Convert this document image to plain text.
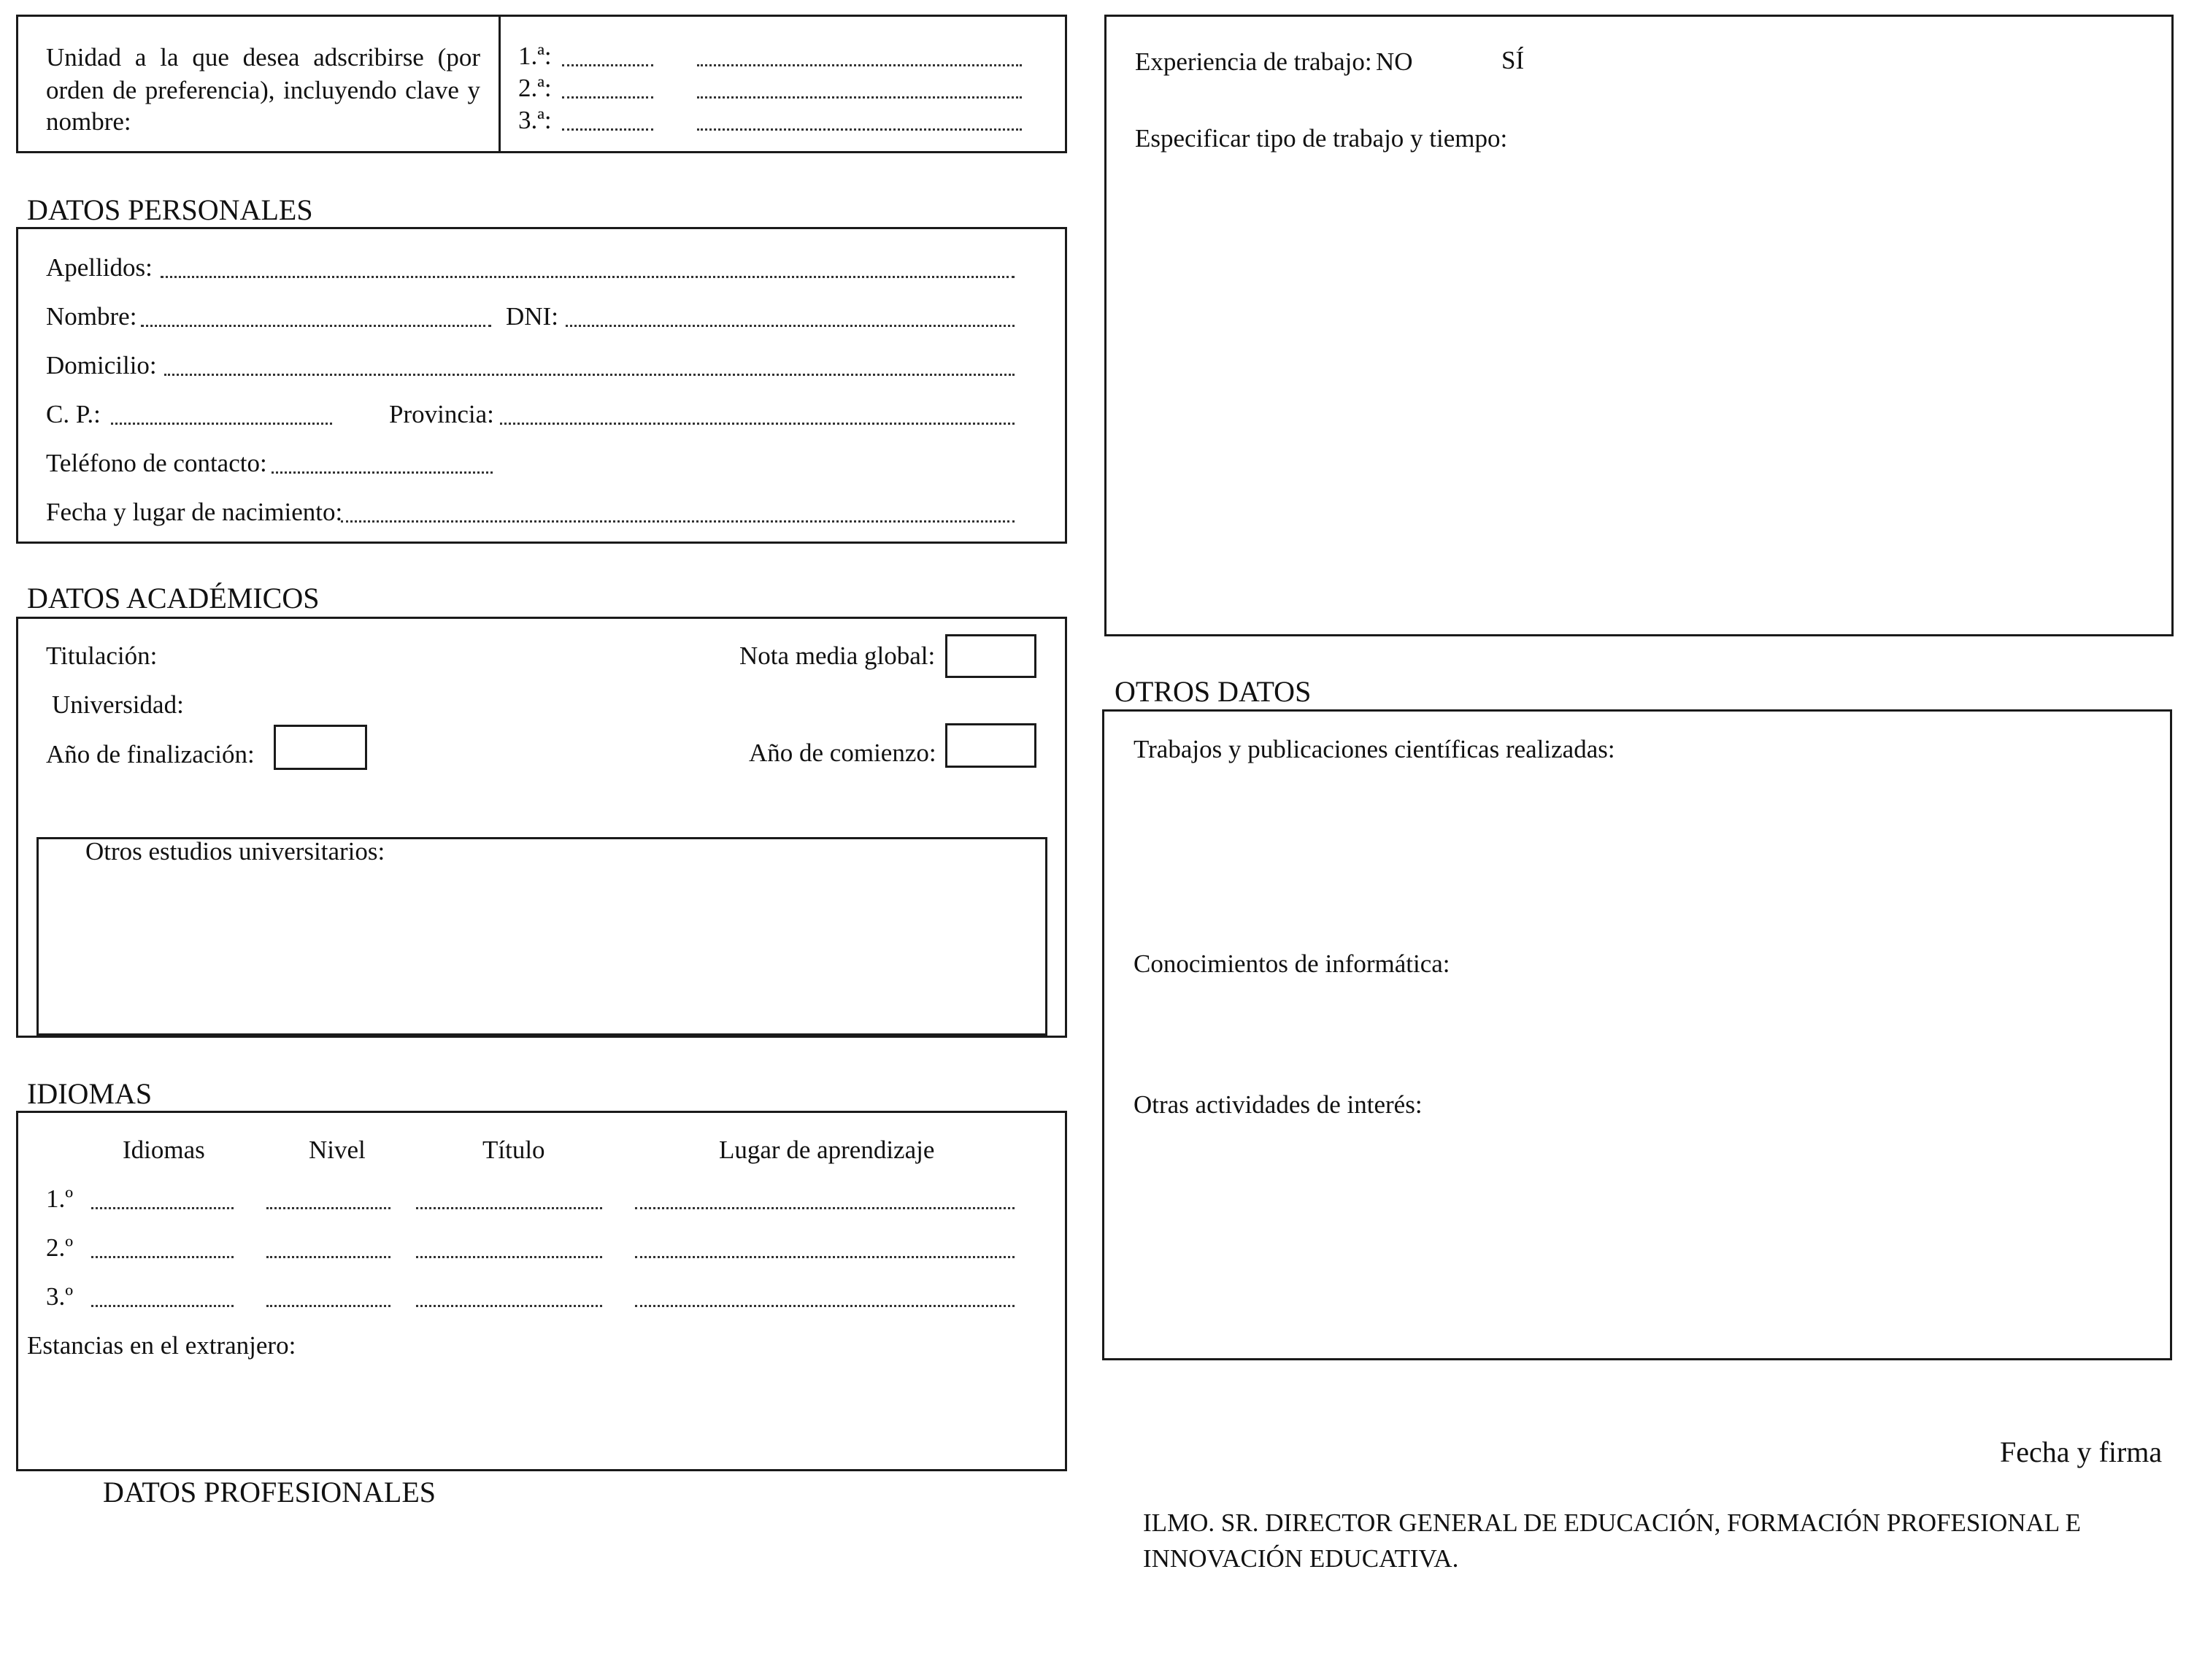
Unidad a la que desea adscribirse (por
orden de preferencia), incluyendo clave y
nombre:
1.ª:
2.ª:
3.ª:
DATOS PERSONALES
Apellidos:
Nombre:	DNI:
Domicilio:
C. P.:	Provincia:
Teléfono de contacto:
Fecha y lugar de nacimiento:
DATOS ACADÉMICOS
Titulación:	Nota media global:
Universidad:
Año de finalización:	Año de comienzo:
Otros estudios universitarios:
IDIOMAS
Idiomas	Nivel	Título	Lugar de aprendizaje
1.º
2.º
3.º
Estancias en el extranjero:
DATOS PROFESIONALES
Experiencia de trabajo: NO	SÍ
Especificar tipo de trabajo y tiempo:
OTROS DATOS
Trabajos y publicaciones científicas realizadas:
Conocimientos de informática:
Otras actividades de interés:
Fecha y firma
ILMO. SR. DIRECTOR GENERAL DE EDUCACIÓN, FORMACIÓN PROFESIONAL E
INNOVACIÓN EDUCATIVA.
